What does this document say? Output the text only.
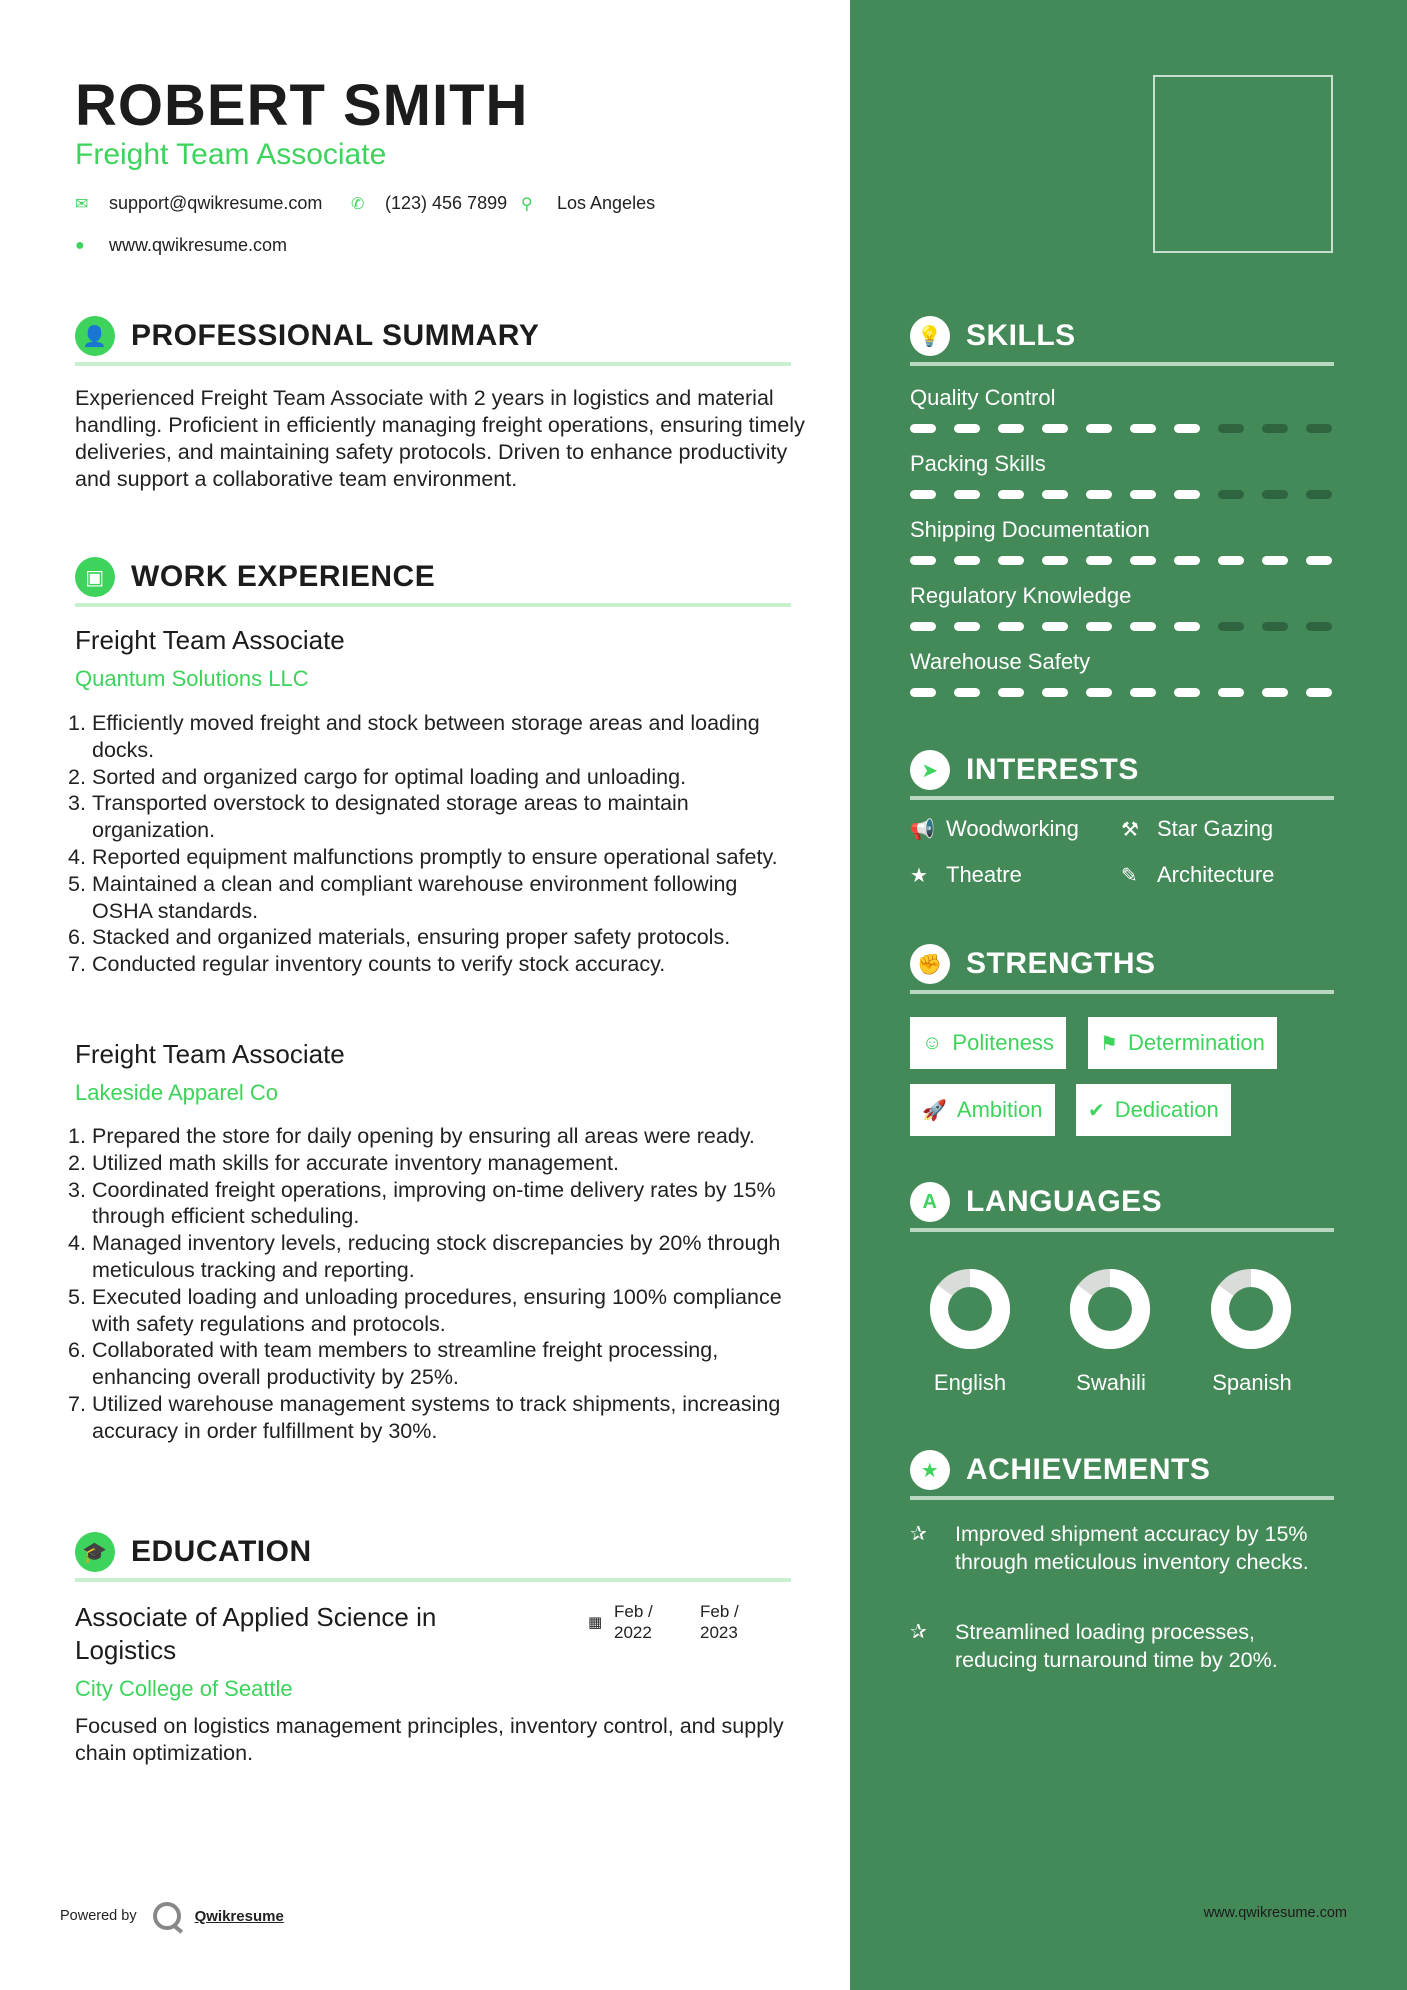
ROBERT SMITH
Freight Team Associate
✉	support@qwikresume.com ✆	(123) 456 7899 ⚲	Los Angeles
●	www.qwikresume.com
👤 PROFESSIONAL SUMMARY
Experienced Freight Team Associate with 2 years in logistics and material handling. Proficient in efficiently managing freight operations, ensuring timely deliveries, and maintaining safety protocols. Driven to enhance productivity and support a collaborative team environment.
▣ WORK EXPERIENCE
Freight Team Associate
Quantum Solutions LLC
Efficiently moved freight and stock between storage areas and loading docks.
Sorted and organized cargo for optimal loading and unloading.
Transported overstock to designated storage areas to maintain organization.
Reported equipment malfunctions promptly to ensure operational safety.
Maintained a clean and compliant warehouse environment following OSHA standards.
Stacked and organized materials, ensuring proper safety protocols.
Conducted regular inventory counts to verify stock accuracy.
Freight Team Associate
Lakeside Apparel Co
Prepared the store for daily opening by ensuring all areas were ready.
Utilized math skills for accurate inventory management.
Coordinated freight operations, improving on-time delivery rates by 15% through efficient scheduling.
Managed inventory levels, reducing stock discrepancies by 20% through meticulous tracking and reporting.
Executed loading and unloading procedures, ensuring 100% compliance with safety regulations and protocols.
Collaborated with team members to streamline freight processing, enhancing overall productivity by 25%.
Utilized warehouse management systems to track shipments, increasing accuracy in order fulfillment by 30%.
🎓 EDUCATION
Associate of Applied Science in Logistics
▦
Feb /
2022
Feb /
2023
City College of Seattle
Focused on logistics management principles, inventory control, and supply chain optimization.
Powered by	Qwikresume
💡 SKILLS
Quality Control
Packing Skills
Shipping Documentation
Regulatory Knowledge
Warehouse Safety
➤ INTERESTS
📢 Woodworking ⚒ Star Gazing
★ Theatre	✎ Architecture
✊ STRENGTHS
☺ Politeness ⚑ Determination
🚀 Ambition ✔ Dedication
A LANGUAGES
English	Swahili	Spanish
★ ACHIEVEMENTS
✰	Improved shipment accuracy by 15% through meticulous inventory checks.
✰	Streamlined loading processes, reducing turnaround time by 20%.
www.qwikresume.com
